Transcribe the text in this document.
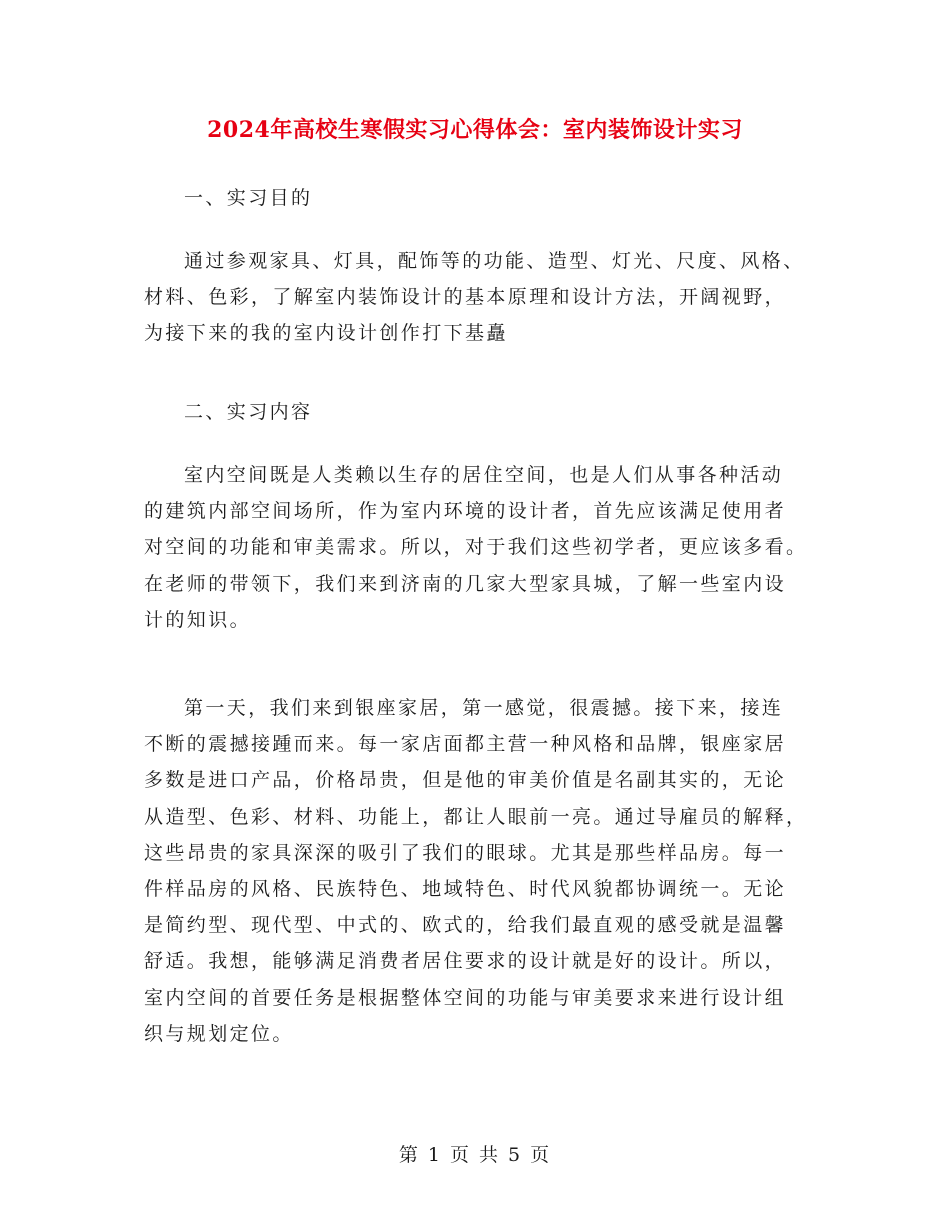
2024年高校生寒假实习心得体会：室内装饰设计实习
一、实习目的
通过参观家具、灯具，配饰等的功能、造型、灯光、尺度、风格、
材料、色彩，了解室内装饰设计的基本原理和设计方法，开阔视野，
为接下来的我的室内设计创作打下基矗
二、实习内容
室内空间既是人类赖以生存的居住空间，也是人们从事各种活动
的建筑内部空间场所，作为室内环境的设计者，首先应该满足使用者
对空间的功能和审美需求。所以，对于我们这些初学者，更应该多看。
在老师的带领下，我们来到济南的几家大型家具城，了解一些室内设
计的知识。
第一天，我们来到银座家居，第一感觉，很震撼。接下来，接连
不断的震撼接踵而来。每一家店面都主营一种风格和品牌，银座家居
多数是进口产品，价格昂贵，但是他的审美价值是名副其实的，无论
从造型、色彩、材料、功能上，都让人眼前一亮。通过导雇员的解释，
这些昂贵的家具深深的吸引了我们的眼球。尤其是那些样品房。每一
件样品房的风格、民族特色、地域特色、时代风貌都协调统一。无论
是简约型、现代型、中式的、欧式的，给我们最直观的感受就是温馨
舒适。我想，能够满足消费者居住要求的设计就是好的设计。所以，
室内空间的首要任务是根据整体空间的功能与审美要求来进行设计组
织与规划定位。
第 1 页 共 5 页
